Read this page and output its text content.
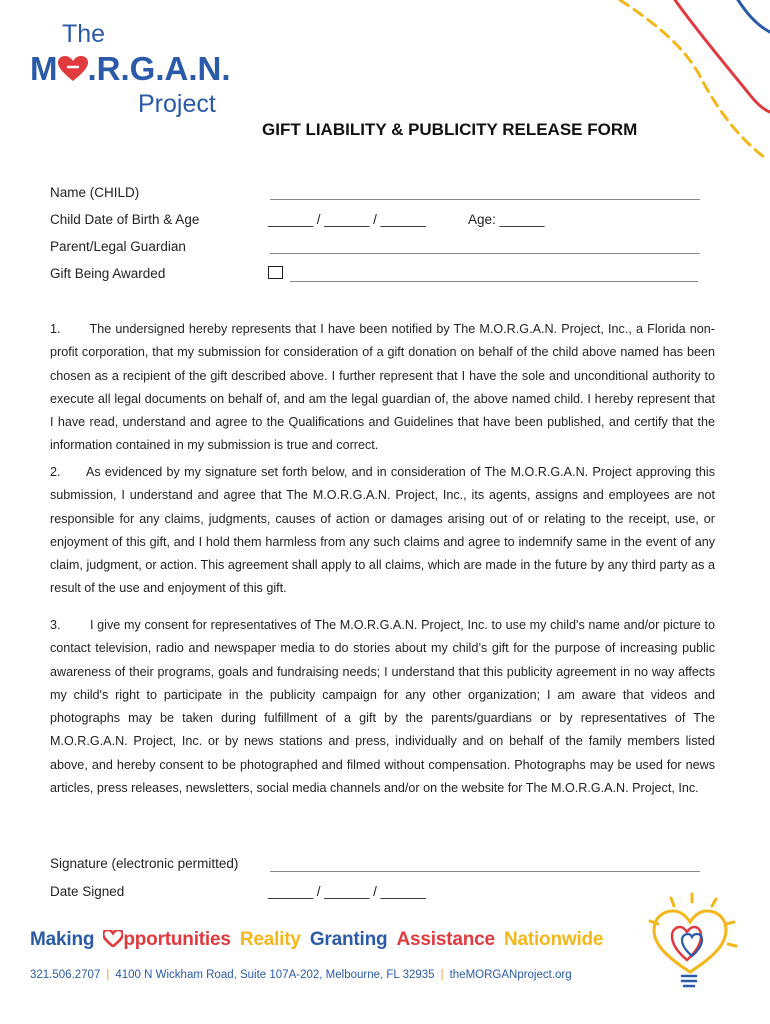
The
M .R.G.A.N.
Project
GIFT LIABILITY & PUBLICITY RELEASE FORM
Name (CHILD)
Child Date of Birth & Age	______ / ______ / ______	Age: ______
Parent/Legal Guardian
Gift Being Awarded

1.       The undersigned hereby represents that I have been notified by The M.O.R.G.A.N. Project, Inc., a Florida non-profit corporation, that my submission for consideration of a gift donation on behalf of the child above named has been chosen as a recipient of the gift described above. I further represent that I have the sole and unconditional authority to execute all legal documents on behalf of, and am the legal guardian of, the above named child. I hereby represent that I have read, understand and agree to the Qualifications and Guidelines that have been published, and certify that the information contained in my submission is true and correct.

2.      As evidenced by my signature set forth below, and in consideration of The M.O.R.G.A.N. Project approving this submission, I understand and agree that The M.O.R.G.A.N. Project, Inc., its agents, assigns and employees are not responsible for any claims, judgments, causes of action or damages arising out of or relating to the receipt, use, or enjoyment of this gift, and I hold them harmless from any such claims and agree to indemnify same in the event of any claim, judgment, or action. This agreement shall apply to all claims, which are made in the future by any third party as a result of the use and enjoyment of this gift.

3.        I give my consent for representatives of The M.O.R.G.A.N. Project, Inc. to use my child's name and/or picture to contact television, radio and newspaper media to do stories about my child’s gift for the purpose of increasing public awareness of their programs, goals and fundraising needs; I understand that this publicity agreement in no way affects my child's right to participate in the publicity campaign for any other organization; I am aware that videos and photographs may be taken during fulfillment of a gift by the parents/guardians or by representatives of The M.O.R.G.A.N. Project, Inc. or by news stations and press, individually and on behalf of the family members listed above, and hereby consent to be photographed and filmed without compensation. Photographs may be used for news articles, press releases, newsletters, social media channels and/or on the website for The M.O.R.G.A.N. Project, Inc.

Signature (electronic permitted)
Date Signed	______ / ______ / ______
Making pportunities Reality Granting Assistance Nationwide
321.506.2707 | 4100 N Wickham Road, Suite 107A-202, Melbourne, FL 32935 | theMORGANproject.org
